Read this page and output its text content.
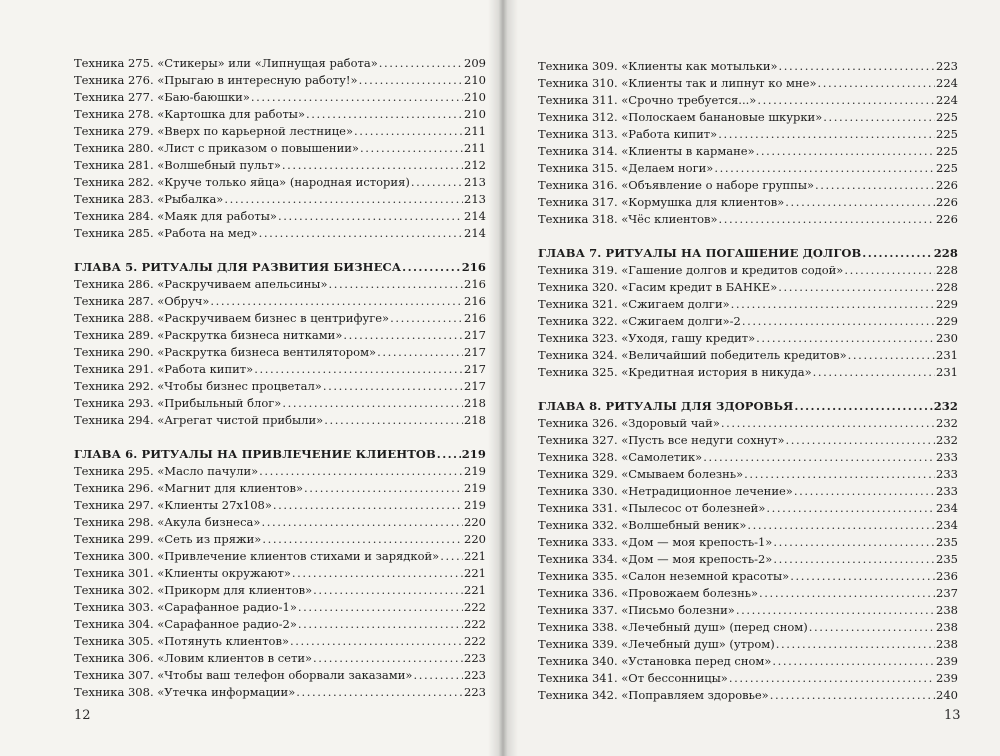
Техника 275. «Стикеры» или «Липнущая работа» .....	209
Техника 276. «Прыгаю в интересную работу!» .....	210
Техника 277. «Баю-баюшки» .....	210
Техника 278. «Картошка для работы» .....	210
Техника 279. «Вверх по карьерной лестнице» .....	211
Техника 280. «Лист с приказом о повышении» .....	211
Техника 281. «Волшебный пульт» .....	212
Техника 282. «Круче только яйца» (народная история) .....	213
Техника 283. «Рыбалка» .....	213
Техника 284. «Маяк для работы» .....	214
Техника 285. «Работа на мед» .....	214
ГЛАВА 5. РИТУАЛЫ ДЛЯ РАЗВИТИЯ БИЗНЕСА .....	216
Техника 286. «Раскручиваем апельсины» .....	216
Техника 287. «Обруч» .....	216
Техника 288. «Раскручиваем бизнес в центрифуге» .....	216
Техника 289. «Раскрутка бизнеса нитками» .....	217
Техника 290. «Раскрутка бизнеса вентилятором» .....	217
Техника 291. «Работа кипит» .....	217
Техника 292. «Чтобы бизнес процветал» .....	217
Техника 293. «Прибыльный блог» .....	218
Техника 294. «Агрегат чистой прибыли» .....	218
ГЛАВА 6. РИТУАЛЫ НА ПРИВЛЕЧЕНИЕ КЛИЕНТОВ ..... 219
Техника 295. «Масло пачули» .....	219
Техника 296. «Магнит для клиентов» .....	219
Техника 297. «Клиенты 27х108» .....	219
Техника 298. «Акула бизнеса» .....	220
Техника 299. «Сеть из пряжи» .....	220
Техника 300. «Привлечение клиентов стихами и зарядкой» ..... 221
Техника 301. «Клиенты окружают» .....	221
Техника 302. «Прикорм для клиентов» .....	221
Техника 303. «Сарафанное радио-1» .....	222
Техника 304. «Сарафанное радио-2» .....	222
Техника 305. «Потянуть клиентов» .....	222
Техника 306. «Ловим клиентов в сети» .....	223
Техника 307. «Чтобы ваш телефон оборвали заказами» .....	223
Техника 308. «Утечка информации» .....	223
12
Техника 309. «Клиенты как мотыльки» .....	223
Техника 310. «Клиенты так и липнут ко мне» .....	224
Техника 311. «Срочно требуется...» .....	224
Техника 312. «Полоскаем банановые шкурки» .....	225
Техника 313. «Работа кипит» .....	225
Техника 314. «Клиенты в кармане» .....	225
Техника 315. «Делаем ноги» .....	225
Техника 316. «Объявление о наборе группы» .....	226
Техника 317. «Кормушка для клиентов» .....	226
Техника 318. «Чёс клиентов» .....	226
ГЛАВА 7. РИТУАЛЫ НА ПОГАШЕНИЕ ДОЛГОВ .....	228
Техника 319. «Гашение долгов и кредитов содой» .....	228
Техника 320. «Гасим кредит в БАНКЕ» .....	228
Техника 321. «Сжигаем долги» .....	229
Техника 322. «Сжигаем долги»-2 .....	229
Техника 323. «Уходя, гашу кредит» .....	230
Техника 324. «Величайший победитель кредитов» .....	231
Техника 325. «Кредитная история в никуда» .....	231
ГЛАВА 8. РИТУАЛЫ ДЛЯ ЗДОРОВЬЯ .....	232
Техника 326. «Здоровый чай» .....	232
Техника 327. «Пусть все недуги сохнут» .....	232
Техника 328. «Самолетик» .....	233
Техника 329. «Смываем болезнь» .....	233
Техника 330. «Нетрадиционное лечение» .....	233
Техника 331. «Пылесос от болезней» .....	234
Техника 332. «Волшебный веник» .....	234
Техника 333. «Дом — моя крепость-1» .....	235
Техника 334. «Дом — моя крепость-2» .....	235
Техника 335. «Салон неземной красоты» .....	236
Техника 336. «Провожаем болезнь» .....	237
Техника 337. «Письмо болезни» .....	238
Техника 338. «Лечебный душ» (перед сном) .....	238
Техника 339. «Лечебный душ» (утром) .....	238
Техника 340. «Установка перед сном» .....	239
Техника 341. «От бессонницы» .....	239
Техника 342. «Поправляем здоровье» .....	240
13
